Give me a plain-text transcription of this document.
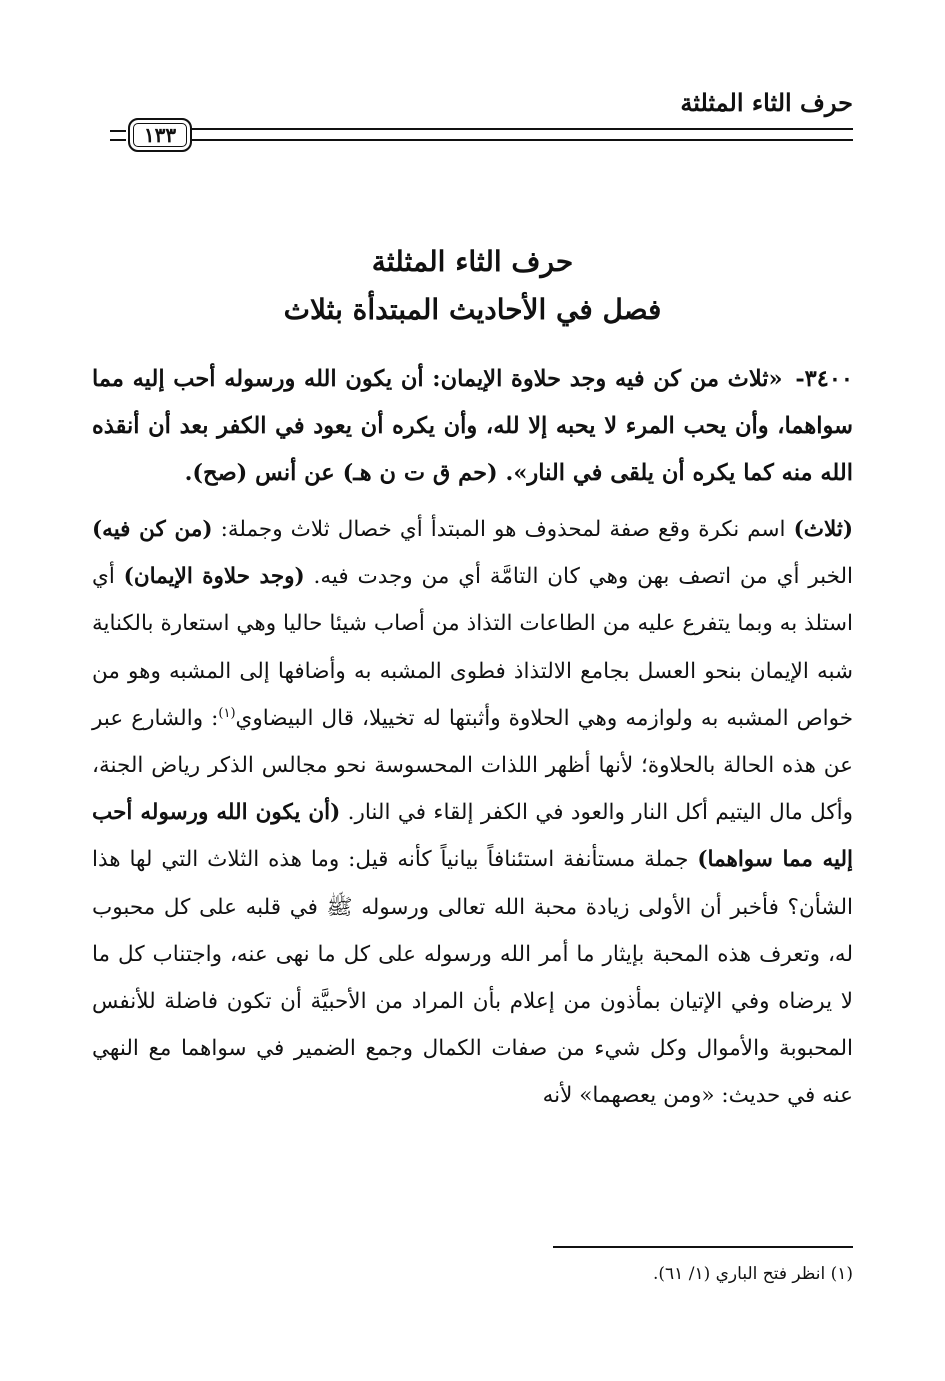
حرف الثاء المثلثة
١٣٣
حرف الثاء المثلثة
فصل في الأحاديث المبتدأة بثلاث
٣٤٠٠- «ثلاث من كن فيه وجد حلاوة الإيمان: أن يكون الله ورسوله أحب إليه مما سواهما، وأن يحب المرء لا يحبه إلا لله، وأن يكره أن يعود في الكفر بعد أن أنقذه الله منه كما يكره أن يلقى في النار». (حم ق ت ن هـ) عن أنس (صح).
(ثلاث) اسم نكرة وقع صفة لمحذوف هو المبتدأ أي خصال ثلاث وجملة: (من كن فيه) الخبر أي من اتصف بهن وهي كان التامَّة أي من وجدت فيه. (وجد حلاوة الإيمان) أي استلذ به وبما يتفرع عليه من الطاعات التذاذ من أصاب شيئا حاليا وهي استعارة بالكناية شبه الإيمان بنحو العسل بجامع الالتذاذ فطوى المشبه به وأضافها إلى المشبه وهو من خواص المشبه به ولوازمه وهي الحلاوة وأثبتها له تخييلا، قال البيضاوي$^{(١)}$: والشارع عبر عن هذه الحالة بالحلاوة؛ لأنها أظهر اللذات المحسوسة نحو مجالس الذكر رياض الجنة، وأكل مال اليتيم أكل النار والعود في الكفر إلقاء في النار. (أن يكون الله ورسوله أحب إليه مما سواهما) جملة مستأنفة استئنافاً بيانياً كأنه قيل: وما هذه الثلاث التي لها هذا الشأن؟ فأخبر أن الأولى زيادة محبة الله تعالى ورسوله ﷺ في قلبه على كل محبوب له، وتعرف هذه المحبة بإيثار ما أمر الله ورسوله على كل ما نهى عنه، واجتناب كل ما لا يرضاه وفي الإتيان بمأذون من إعلام بأن المراد من الأحبيَّة أن تكون فاضلة للأنفس المحبوبة والأموال وكل شيء من صفات الكمال وجمع الضمير في سواهما مع النهي عنه في حديث: «ومن يعصهما» لأنه
(١) انظر فتح الباري (١/ ٦١).
